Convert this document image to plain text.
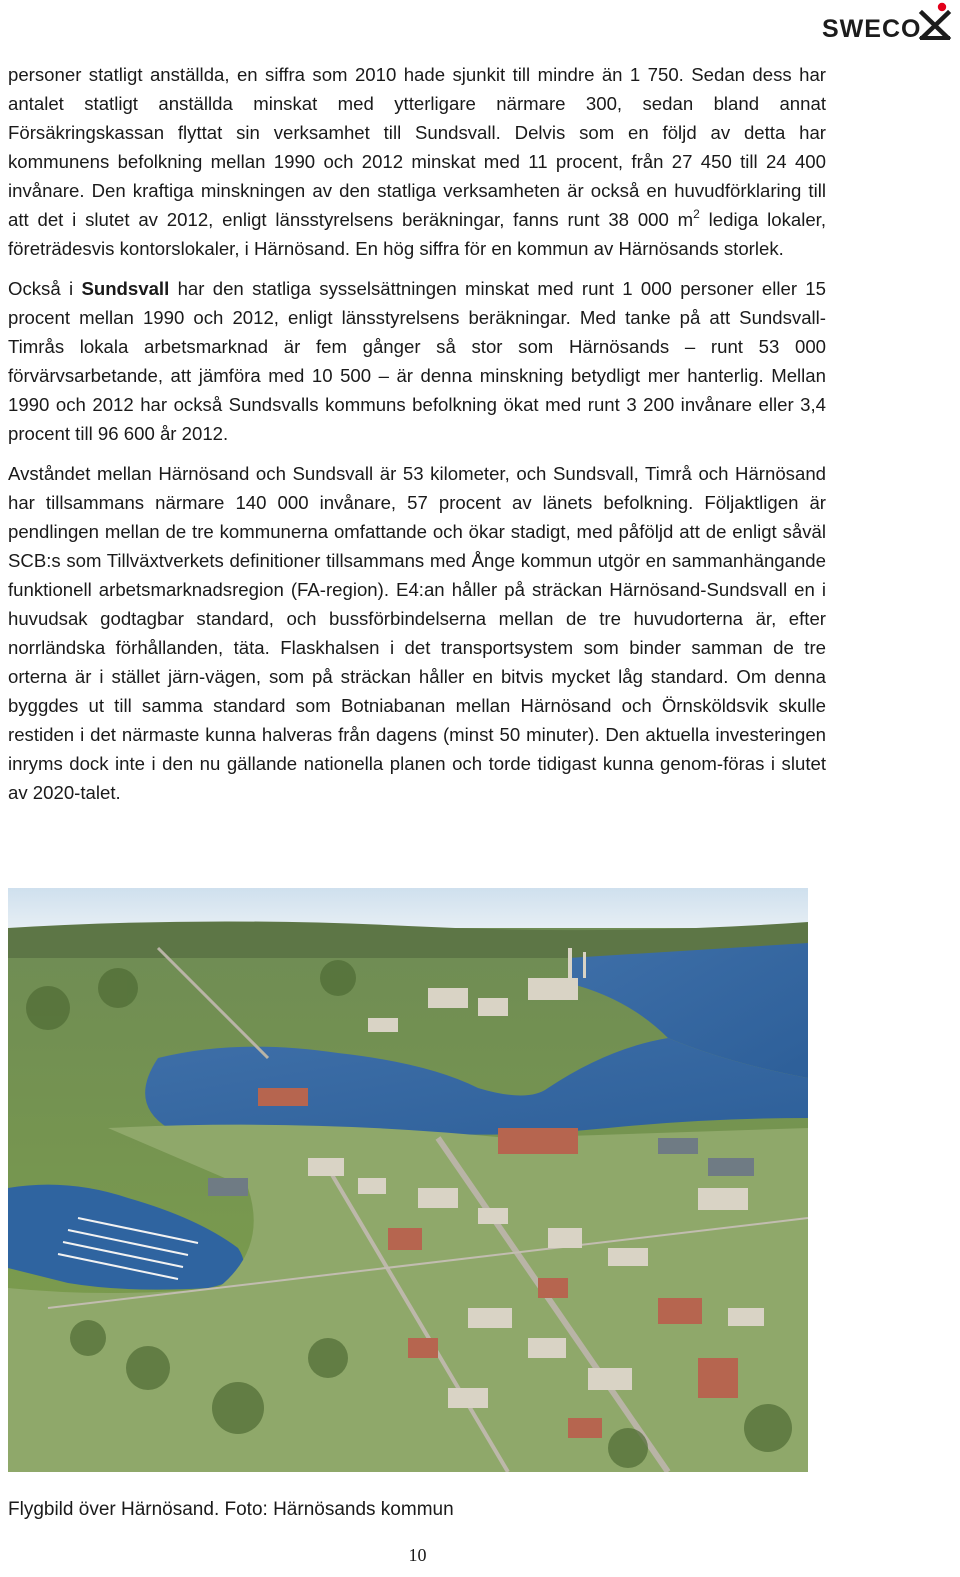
SWECO

personer statligt anställda, en siffra som 2010 hade sjunkit till mindre än 1 750. Sedan dess har antalet statligt anställda minskat med ytterligare närmare 300, sedan bland annat Försäkringskassan flyttat sin verksamhet till Sundsvall. Delvis som en följd av detta har kommunens befolkning mellan 1990 och 2012 minskat med 11 procent, från 27 450 till 24 400 invånare. Den kraftiga minskningen av den statliga verksamheten är också en huvudförklaring till att det i slutet av 2012, enligt länsstyrelsens beräkningar, fanns runt 38 000 $m^2$ lediga lokaler, företrädesvis kontorslokaler, i Härnösand. En hög siffra för en kommun av Härnösands storlek.

Också i Sundsvall har den statliga sysselsättningen minskat med runt 1 000 personer eller 15 procent mellan 1990 och 2012, enligt länsstyrelsens beräkningar. Med tanke på att Sundsvall-Timrås lokala arbetsmarknad är fem gånger så stor som Härnösands – runt 53 000 förvärvsarbetande, att jämföra med 10 500 – är denna minskning betydligt mer hanterlig. Mellan 1990 och 2012 har också Sundsvalls kommuns befolkning ökat med runt 3 200 invånare eller 3,4 procent till 96 600 år 2012.

Avståndet mellan Härnösand och Sundsvall är 53 kilometer, och Sundsvall, Timrå och Härnösand har tillsammans närmare 140 000 invånare, 57 procent av länets befolkning. Följaktligen är pendlingen mellan de tre kommunerna omfattande och ökar stadigt, med påföljd att de enligt såväl SCB:s som Tillväxtverkets definitioner tillsammans med Ånge kommun utgör en sammanhängande funktionell arbetsmarknadsregion (FA-region). E4:an håller på sträckan Härnösand-Sundsvall en i huvudsak godtagbar standard, och bussförbindelserna mellan de tre huvudorterna är, efter norrländska förhållanden, täta. Flaskhalsen i det transportsystem som binder samman de tre orterna är i stället järn-vägen, som på sträckan håller en bitvis mycket låg standard. Om denna byggdes ut till samma standard som Botniabanan mellan Härnösand och Örnsköldsvik skulle restiden i det närmaste kunna halveras från dagens (minst 50 minuter). Den aktuella investeringen inryms dock inte i den nu gällande nationella planen och torde tidigast kunna genom-föras i slutet av 2020-talet.

Flygbild över Härnösand. Foto: Härnösands kommun
10
